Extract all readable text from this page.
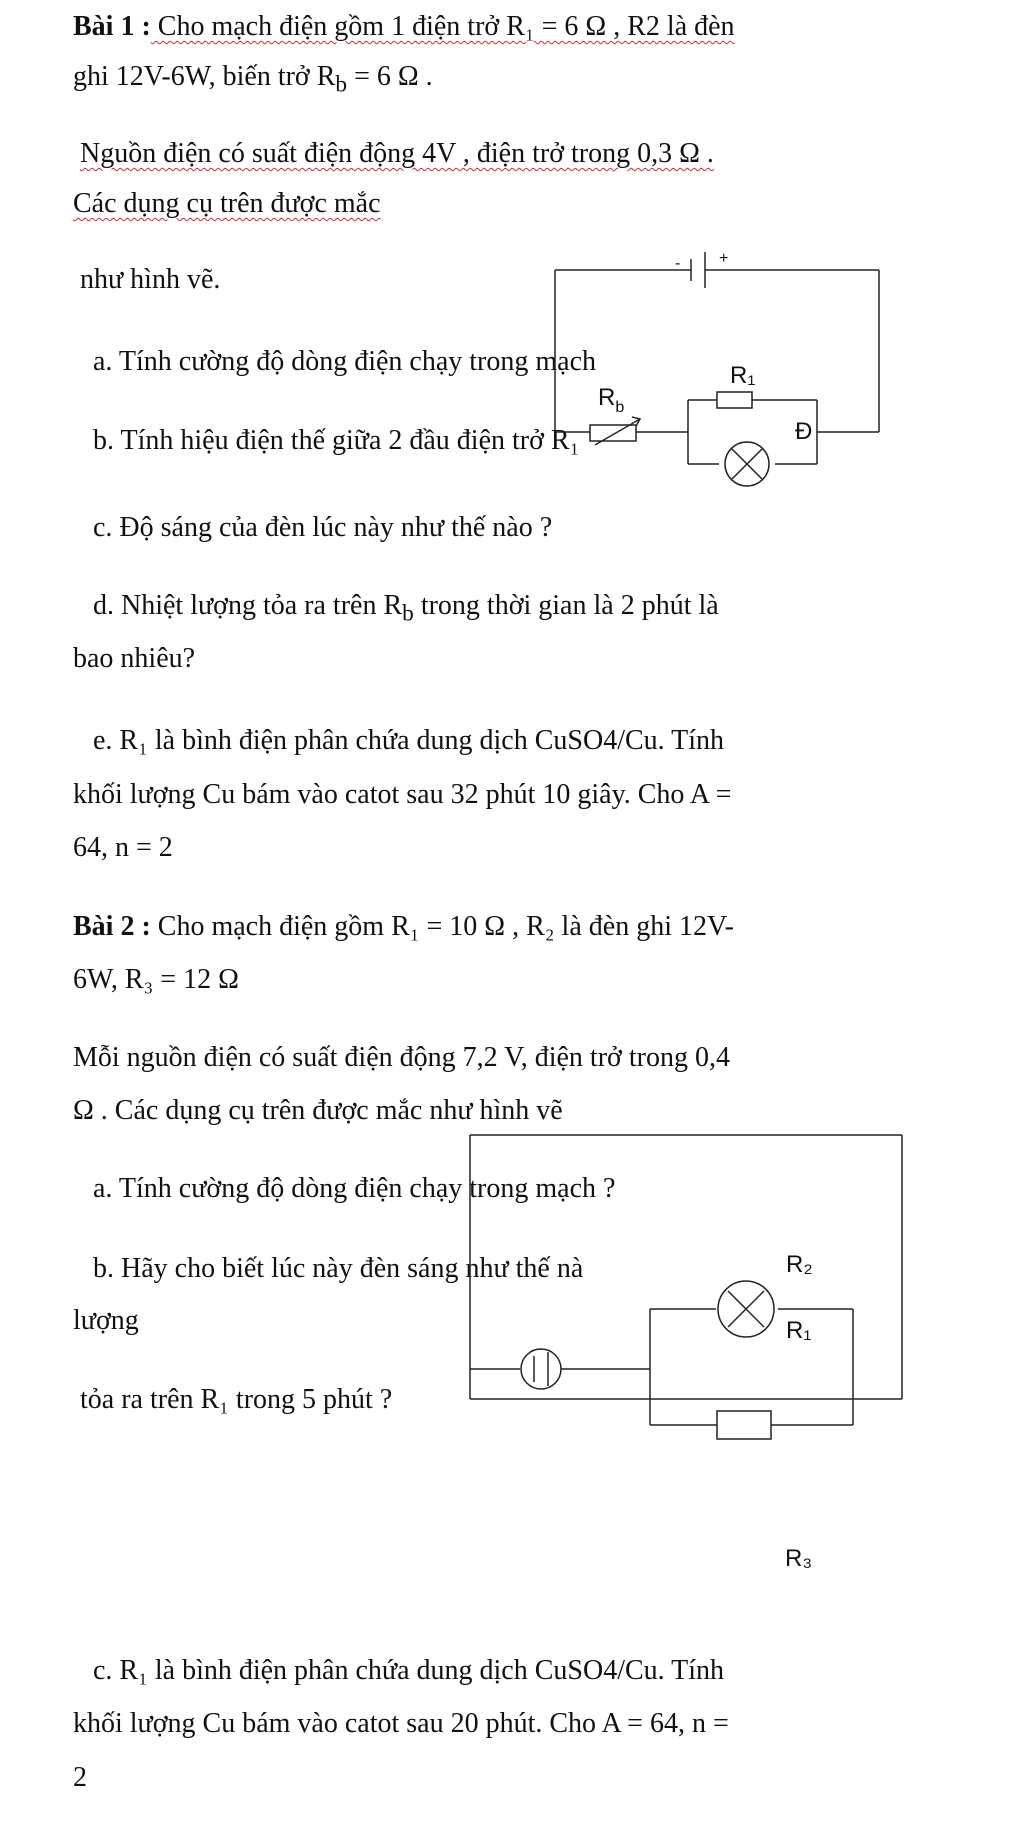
Bài 1 : Cho mạch điện gồm 1 điện trở R₁ = 6 Ω , R2 là đèn
ghi 12V-6W, biến trở $R_b = 6$ Ω .
Nguồn điện có suất điện động 4V , điện trở trong 0,3 Ω .
Các dụng cụ trên được mắc
như hình vẽ.
a. Tính cường độ dòng điện chạy trong mạch
b. Tính hiệu điện thế giữa 2 đầu điện trở R₁
c. Độ sáng của đèn lúc này như thế nào ?
d. Nhiệt lượng tỏa ra trên $R_b$ trong thời gian là 2 phút là
bao nhiêu?
e. R₁ là bình điện phân chứa dung dịch CuSO4/Cu. Tính
khối lượng Cu bám vào catot sau 32 phút 10 giây. Cho A =
64, n = 2
Bài 2 : Cho mạch điện gồm R₁ = 10 Ω , R₂ là đèn ghi 12V-
6W, R₃ = 12 Ω
Mỗi nguồn điện có suất điện động 7,2 V, điện trở trong 0,4
Ω . Các dụng cụ trên được mắc như hình vẽ
a. Tính cường độ dòng điện chạy trong mạch ?
b. Hãy cho biết lúc này đèn sáng như thế nà
lượng
tỏa ra trên R₁ trong 5 phút ?
c. R₁ là bình điện phân chứa dung dịch CuSO4/Cu. Tính
khối lượng Cu bám vào catot sau 20 phút. Cho A = 64, n =
2
- +
$R_b$
R₁
Đ
R₂
R₁
R₃
